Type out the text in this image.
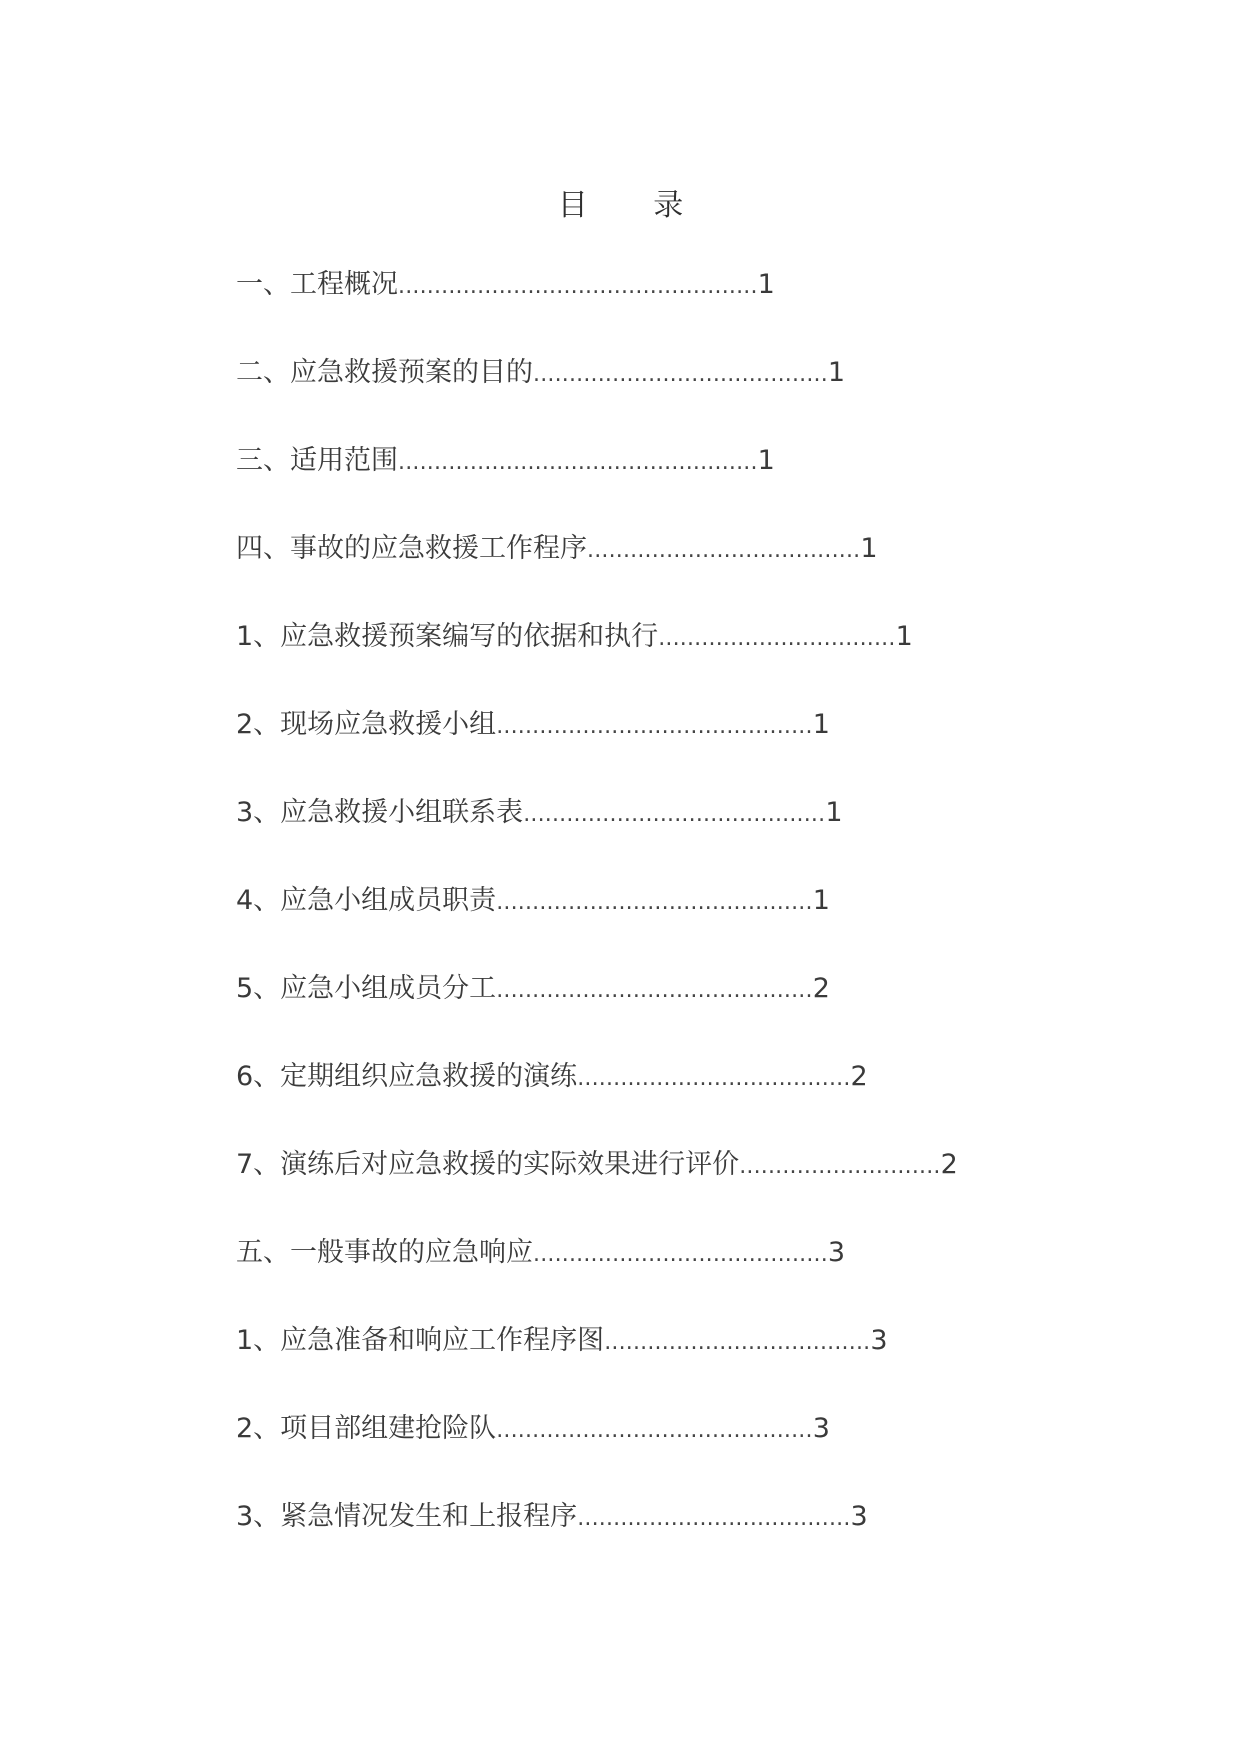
目 录
一、工程概况..................................................1
二、应急救援预案的目的.........................................1
三、适用范围..................................................1
四、事故的应急救援工作程序......................................1
1、应急救援预案编写的依据和执行.................................1
2、现场应急救援小组............................................1
3、应急救援小组联系表..........................................1
4、应急小组成员职责............................................1
5、应急小组成员分工............................................2
6、定期组织应急救援的演练......................................2
7、演练后对应急救援的实际效果进行评价............................2
五、一般事故的应急响应.........................................3
1、应急准备和响应工作程序图.....................................3
2、项目部组建抢险队............................................3
3、紧急情况发生和上报程序......................................3
